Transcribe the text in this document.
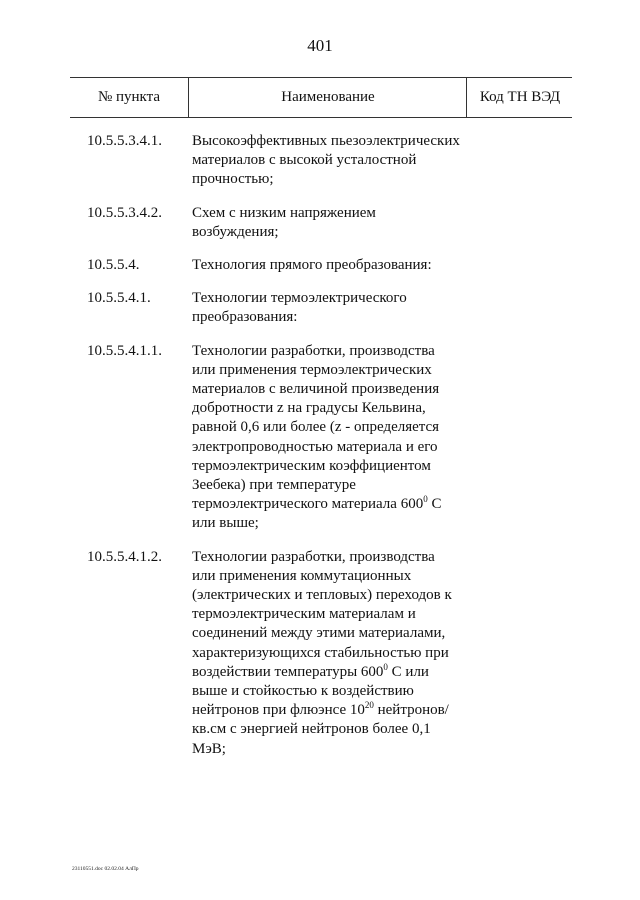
401
№ пункта	Наименование	Код ТН ВЭД
10.5.5.3.4.1.	Высокоэффективных пьезоэлектрических материалов с высокой усталостной прочностью;
10.5.5.3.4.2.	Схем с низким напряжением возбуждения;
10.5.5.4.	Технология прямого преобразования:
10.5.5.4.1.	Технологии термоэлектрического преобразования:
10.5.5.4.1.1.	Технологии разработки, производства или применения термоэлектрических материалов с величиной произведения добротности z на градусы Кельвина, равной 0,6 или более (z - определяется электропроводностью материала и его термоэлектрическим коэффициентом Зеебека) при температуре термоэлектрического материала $600^0$ С или выше;
10.5.5.4.1.2.	Технологии разработки, производства или применения коммутационных (электрических и тепловых) переходов к термоэлектрическим материалам и соединений между этими материалами, характеризующихся стабильностью при воздействии температуры $600^0$ С или выше и стойкостью к воздействию нейтронов при флюэнсе $10^{20}$ нейтронов/кв.см с энергией нейтронов более 0,1 МэВ;
23110551.doc 02.02.04 АлПр
